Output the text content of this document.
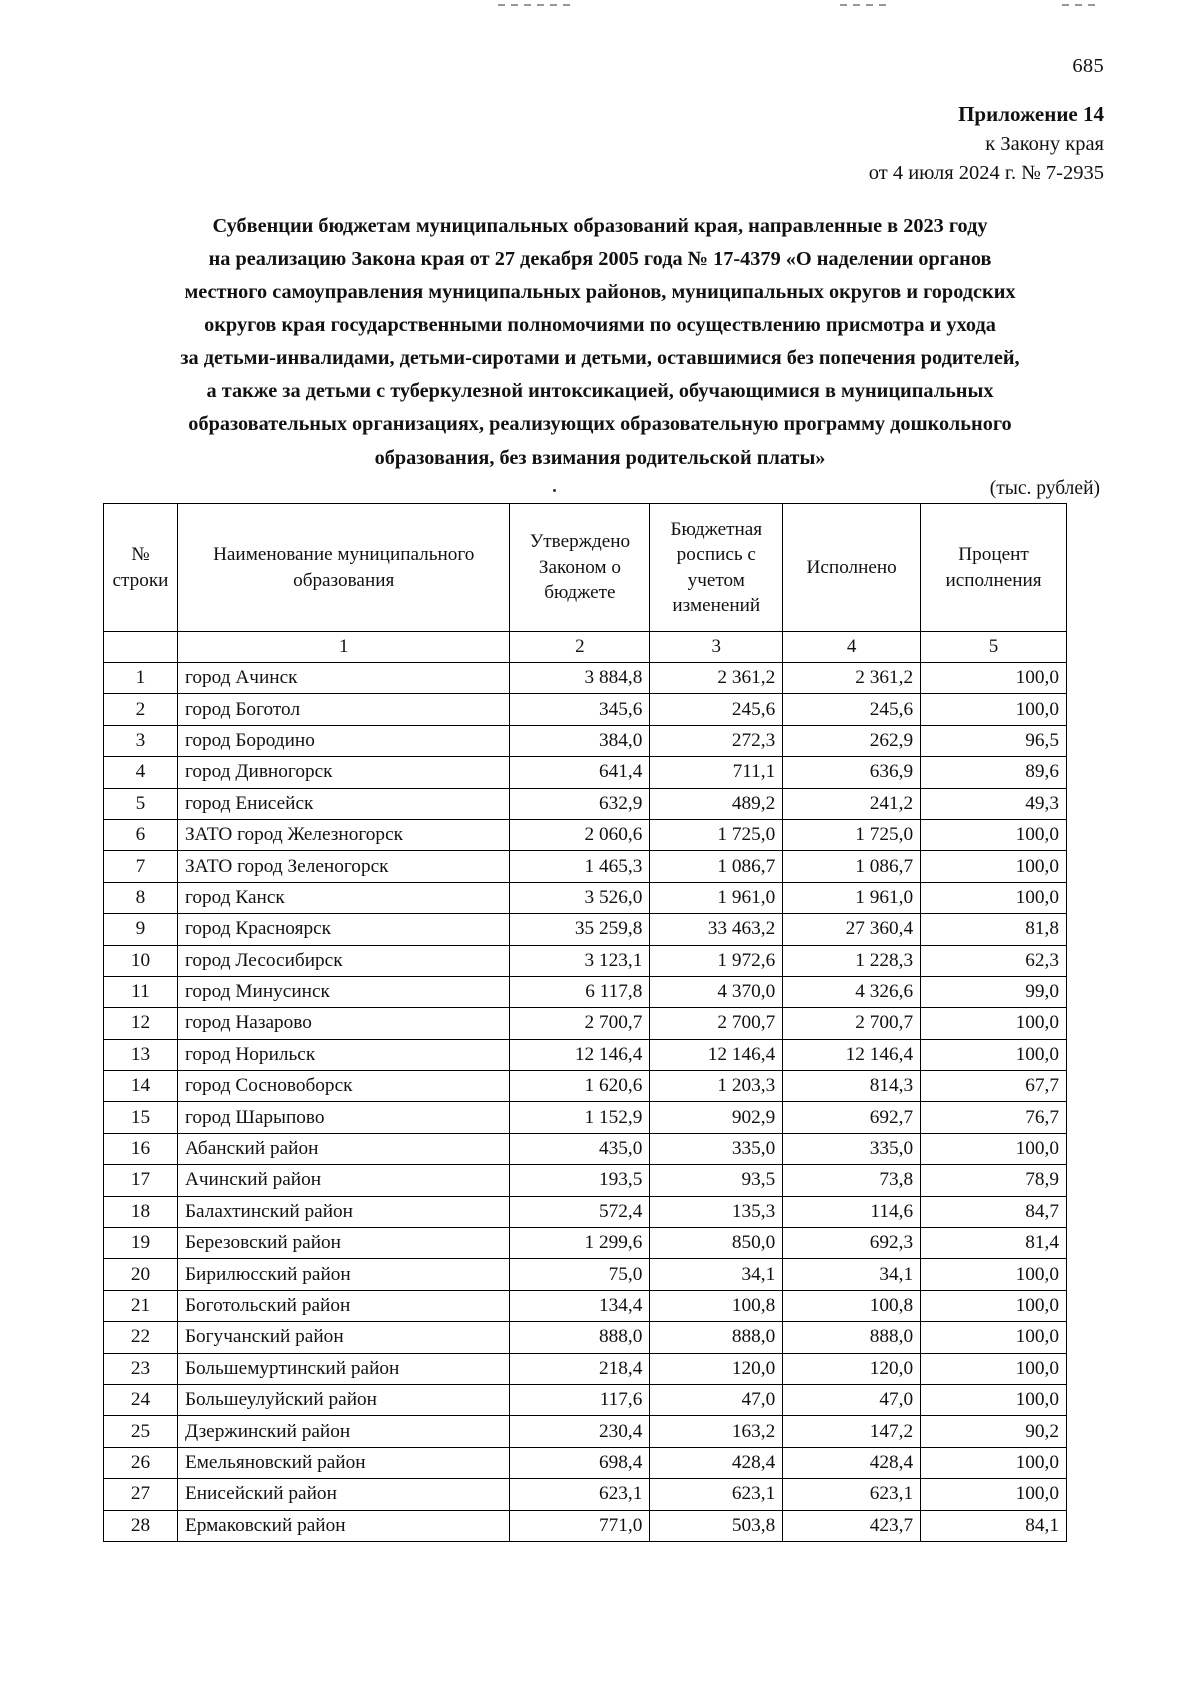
685
Приложение 14
к Закону края
от 4 июля 2024 г. № 7-2935
Субвенции бюджетам муниципальных образований края, направленные в 2023 году
на реализацию Закона края от 27 декабря 2005 года № 17-4379 «О наделении органов
местного самоуправления муниципальных районов, муниципальных округов и городских
округов края государственными полномочиями по осуществлению присмотра и ухода
за детьми-инвалидами, детьми-сиротами и детьми, оставшимися без попечения родителей,
а также за детьми с туберкулезной интоксикацией, обучающимися в муниципальных
образовательных организациях, реализующих образовательную программу дошкольного
образования, без взимания родительской платы»
(тыс. рублей)
№
строки

Наименование муниципального
образования

Утверждено
Законом о
бюджете

Бюджетная
роспись с
учетом
изменений

Исполнено

Процент
исполнения

	1	2	3	4	5
1	город Ачинск	3 884,8	2 361,2	2 361,2	100,0
2	город Боготол	345,6	245,6	245,6	100,0
3	город Бородино	384,0	272,3	262,9	96,5
4	город Дивногорск	641,4	711,1	636,9	89,6
5	город Енисейск	632,9	489,2	241,2	49,3
6	ЗАТО город Железногорск	2 060,6	1 725,0	1 725,0	100,0
7	ЗАТО город Зеленогорск	1 465,3	1 086,7	1 086,7	100,0
8	город Канск	3 526,0	1 961,0	1 961,0	100,0
9	город Красноярск	35 259,8	33 463,2	27 360,4	81,8
10	город Лесосибирск	3 123,1	1 972,6	1 228,3	62,3
11	город Минусинск	6 117,8	4 370,0	4 326,6	99,0
12	город Назарово	2 700,7	2 700,7	2 700,7	100,0
13	город Норильск	12 146,4	12 146,4	12 146,4	100,0
14	город Сосновоборск	1 620,6	1 203,3	814,3	67,7
15	город Шарыпово	1 152,9	902,9	692,7	76,7
16	Абанский район	435,0	335,0	335,0	100,0
17	Ачинский район	193,5	93,5	73,8	78,9
18	Балахтинский район	572,4	135,3	114,6	84,7
19	Березовский район	1 299,6	850,0	692,3	81,4
20	Бирилюсский район	75,0	34,1	34,1	100,0
21	Боготольский район	134,4	100,8	100,8	100,0
22	Богучанский район	888,0	888,0	888,0	100,0
23	Большемуртинский район	218,4	120,0	120,0	100,0
24	Большеулуйский район	117,6	47,0	47,0	100,0
25	Дзержинский район	230,4	163,2	147,2	90,2
26	Емельяновский район	698,4	428,4	428,4	100,0
27	Енисейский район	623,1	623,1	623,1	100,0
28	Ермаковский район	771,0	503,8	423,7	84,1
